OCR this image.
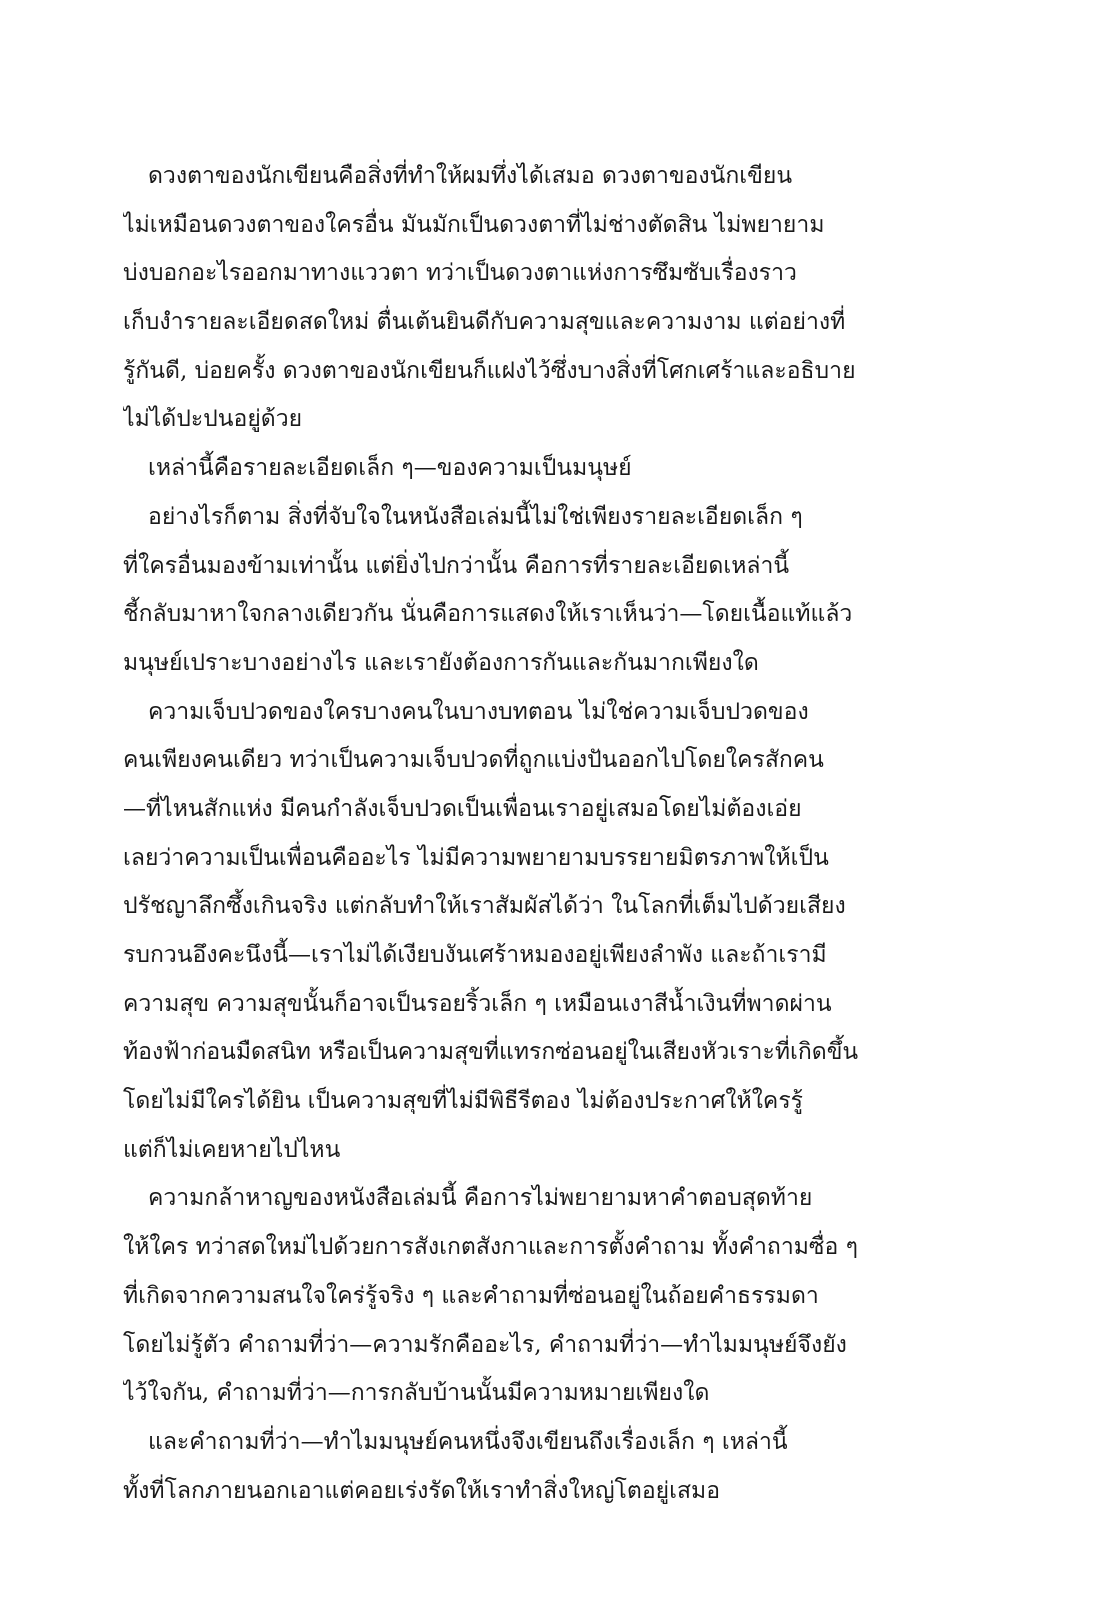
ดวงตาของนักเขียนคือสิ่งที่ทำให้ผมทึ่งได้เสมอ ดวงตาของนักเขียน
ไม่เหมือนดวงตาของใครอื่น มันมักเป็นดวงตาที่ไม่ช่างตัดสิน ไม่พยายาม
บ่งบอกอะไรออกมาทางแววตา ทว่าเป็นดวงตาแห่งการซึมซับเรื่องราว
เก็บงำรายละเอียดสดใหม่ ตื่นเต้นยินดีกับความสุขและความงาม แต่อย่างที่
รู้กันดี, บ่อยครั้ง ดวงตาของนักเขียนก็แฝงไว้ซึ่งบางสิ่งที่โศกเศร้าและอธิบาย
ไม่ได้ปะปนอยู่ด้วย
เหล่านี้คือรายละเอียดเล็ก ๆ—ของความเป็นมนุษย์
อย่างไรก็ตาม สิ่งที่จับใจในหนังสือเล่มนี้ไม่ใช่เพียงรายละเอียดเล็ก ๆ
ที่ใครอื่นมองข้ามเท่านั้น แต่ยิ่งไปกว่านั้น คือการที่รายละเอียดเหล่านี้
ชี้กลับมาหาใจกลางเดียวกัน นั่นคือการแสดงให้เราเห็นว่า—โดยเนื้อแท้แล้ว
มนุษย์เปราะบางอย่างไร และเรายังต้องการกันและกันมากเพียงใด
ความเจ็บปวดของใครบางคนในบางบทตอน ไม่ใช่ความเจ็บปวดของ
คนเพียงคนเดียว ทว่าเป็นความเจ็บปวดที่ถูกแบ่งปันออกไปโดยใครสักคน
—ที่ไหนสักแห่ง มีคนกำลังเจ็บปวดเป็นเพื่อนเราอยู่เสมอโดยไม่ต้องเอ่ย
เลยว่าความเป็นเพื่อนคืออะไร ไม่มีความพยายามบรรยายมิตรภาพให้เป็น
ปรัชญาลึกซึ้งเกินจริง แต่กลับทำให้เราสัมผัสได้ว่า ในโลกที่เต็มไปด้วยเสียง
รบกวนอึงคะนึงนี้—เราไม่ได้เงียบงันเศร้าหมองอยู่เพียงลำพัง และถ้าเรามี
ความสุข ความสุขนั้นก็อาจเป็นรอยริ้วเล็ก ๆ เหมือนเงาสีน้ำเงินที่พาดผ่าน
ท้องฟ้าก่อนมืดสนิท หรือเป็นความสุขที่แทรกซ่อนอยู่ในเสียงหัวเราะที่เกิดขึ้น
โดยไม่มีใครได้ยิน เป็นความสุขที่ไม่มีพิธีรีตอง ไม่ต้องประกาศให้ใครรู้
แต่ก็ไม่เคยหายไปไหน
ความกล้าหาญของหนังสือเล่มนี้ คือการไม่พยายามหาคำตอบสุดท้าย
ให้ใคร ทว่าสดใหม่ไปด้วยการสังเกตสังกาและการตั้งคำถาม ทั้งคำถามซื่อ ๆ
ที่เกิดจากความสนใจใคร่รู้จริง ๆ และคำถามที่ซ่อนอยู่ในถ้อยคำธรรมดา
โดยไม่รู้ตัว คำถามที่ว่า—ความรักคืออะไร, คำถามที่ว่า—ทำไมมนุษย์จึงยัง
ไว้ใจกัน, คำถามที่ว่า—การกลับบ้านนั้นมีความหมายเพียงใด
และคำถามที่ว่า—ทำไมมนุษย์คนหนึ่งจึงเขียนถึงเรื่องเล็ก ๆ เหล่านี้
ทั้งที่โลกภายนอกเอาแต่คอยเร่งรัดให้เราทำสิ่งใหญ่โตอยู่เสมอ
